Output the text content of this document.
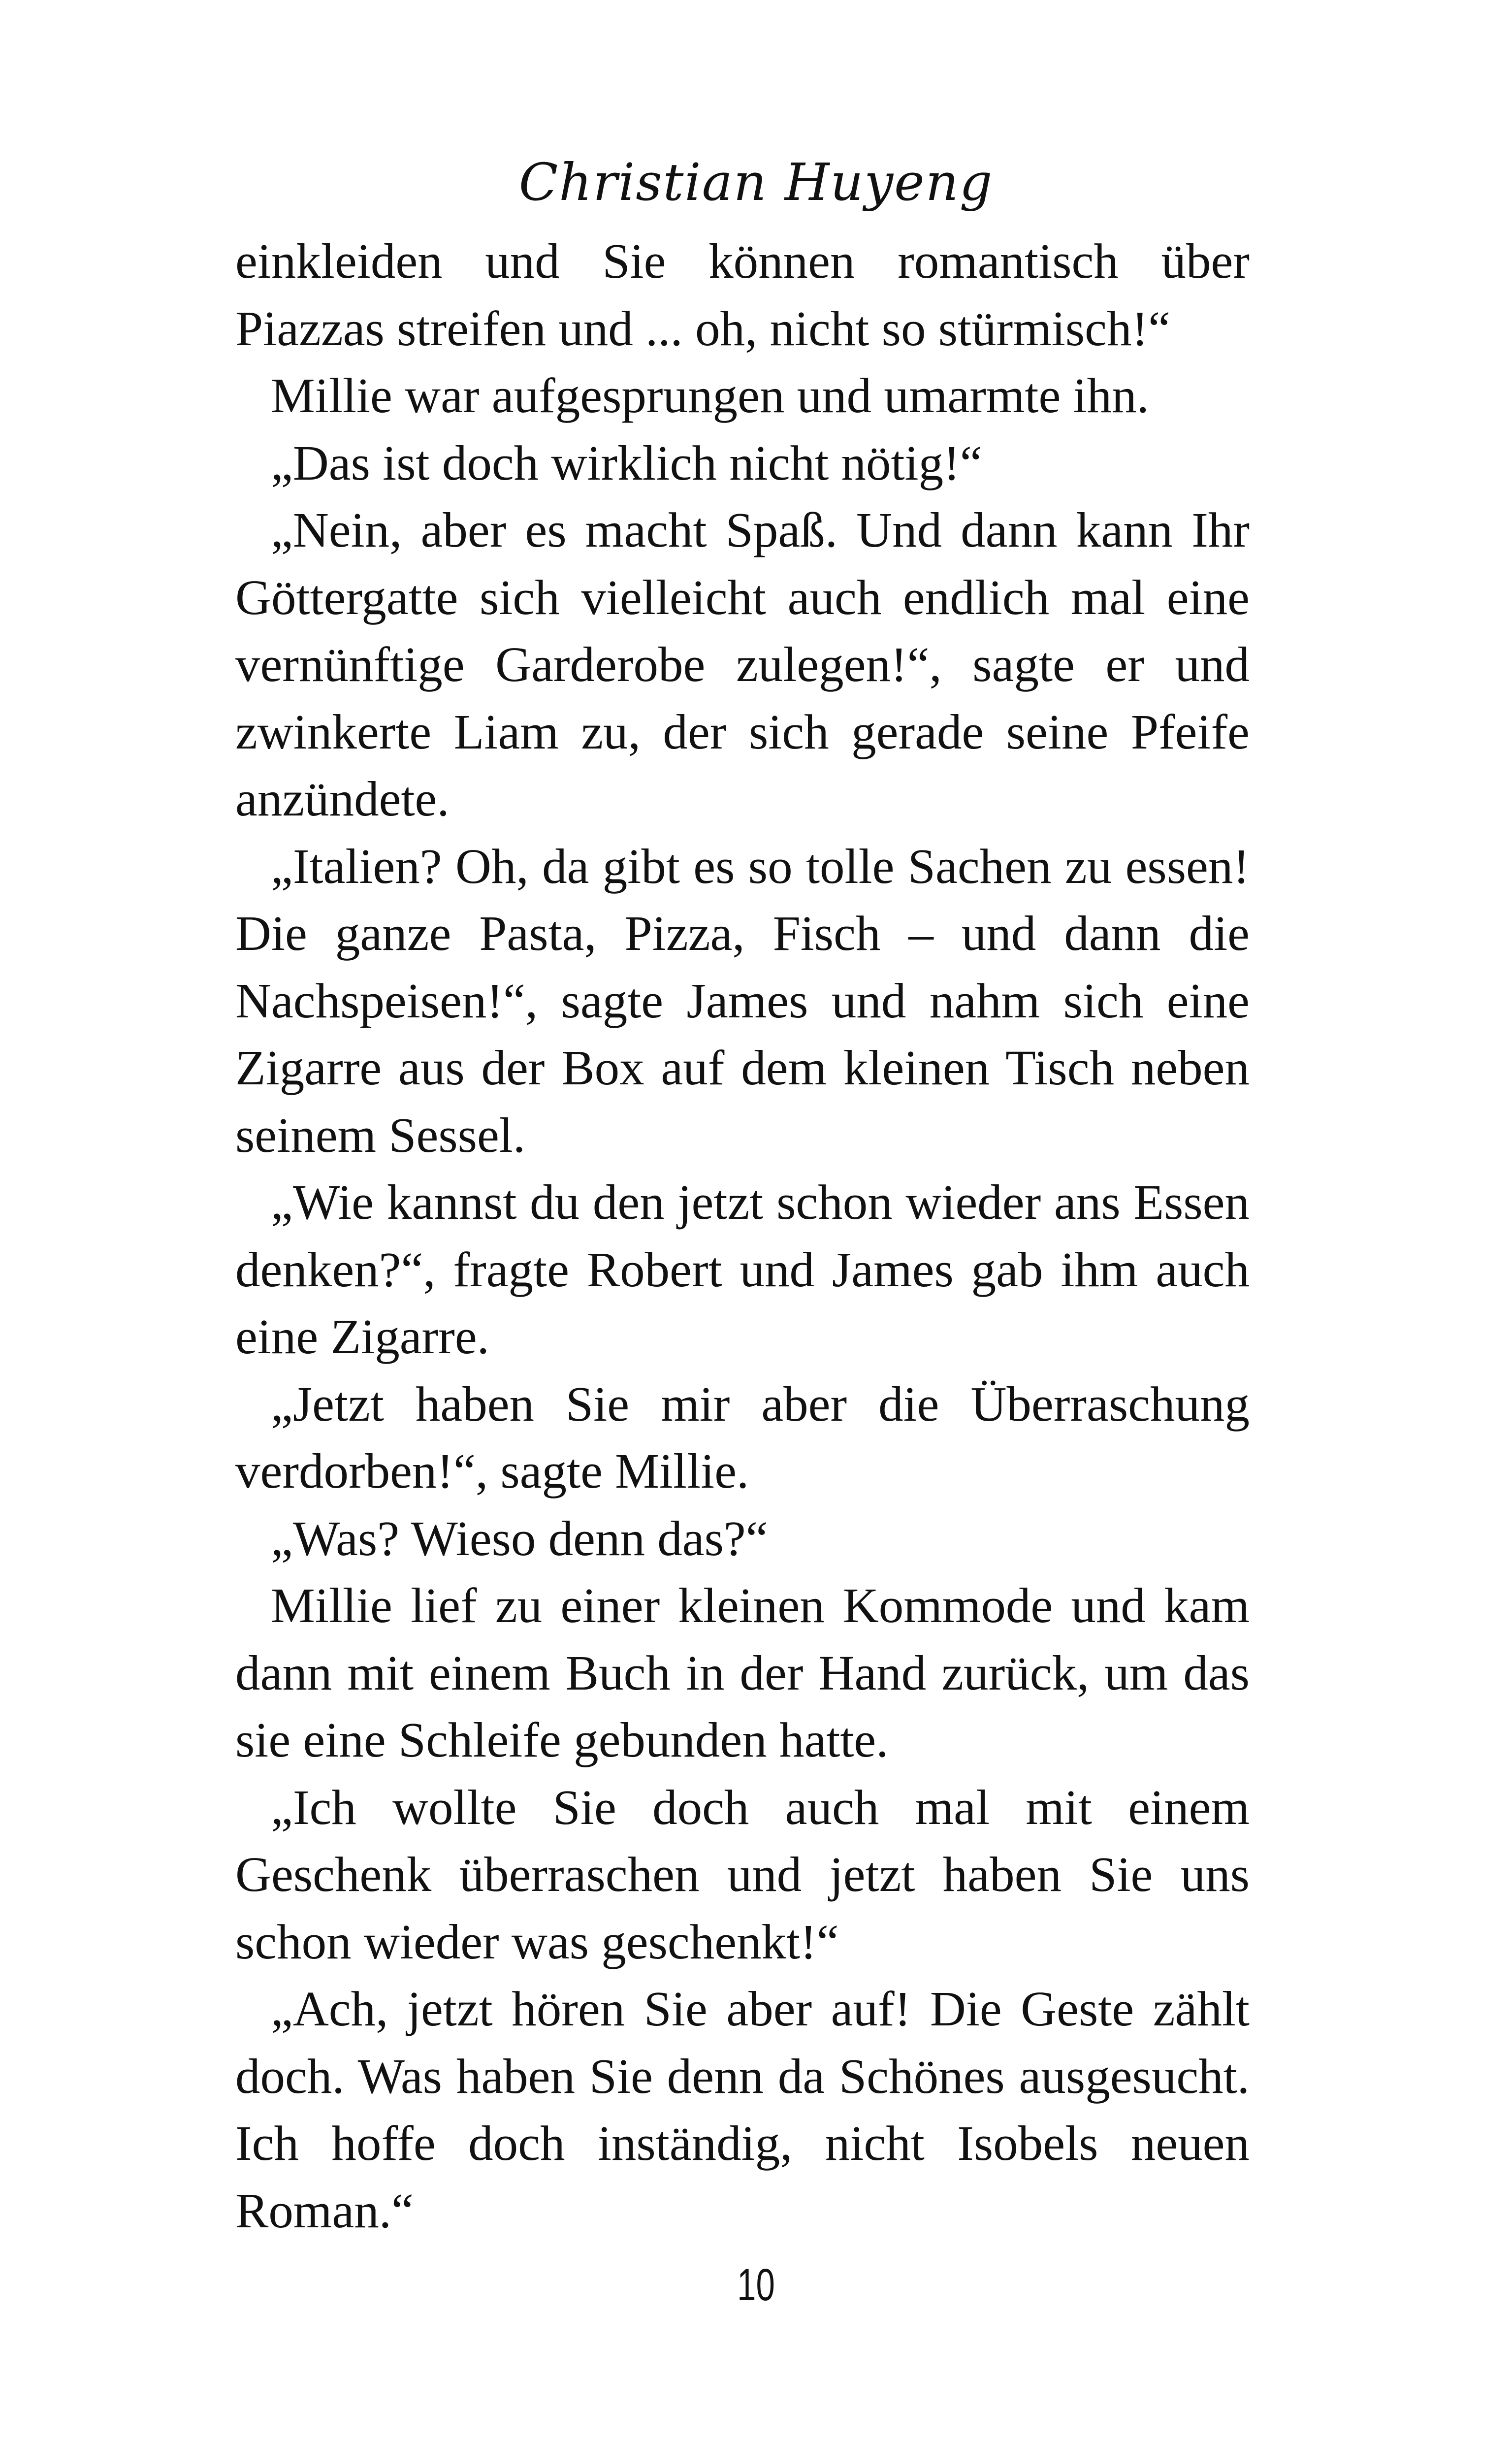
Christian Huyeng

einkleiden und Sie können romantisch über Piazzas streifen und ... oh, nicht so stürmisch!“

Millie war aufgesprungen und umarmte ihn.

„Das ist doch wirklich nicht nötig!“

„Nein, aber es macht Spaß. Und dann kann Ihr Göttergatte sich vielleicht auch endlich mal eine vernünftige Garderobe zulegen!“, sagte er und zwinkerte Liam zu, der sich gerade seine Pfeife anzündete.

„Italien? Oh, da gibt es so tolle Sachen zu essen! Die ganze Pasta, Pizza, Fisch – und dann die Nachspeisen!“, sagte James und nahm sich eine Zigarre aus der Box auf dem kleinen Tisch neben seinem Sessel.

„Wie kannst du den jetzt schon wieder ans Essen denken?“, fragte Robert und James gab ihm auch eine Zigarre.

„Jetzt haben Sie mir aber die Überraschung verdorben!“, sagte Millie.

„Was? Wieso denn das?“

Millie lief zu einer kleinen Kommode und kam dann mit einem Buch in der Hand zurück, um das sie eine Schleife gebunden hatte.

„Ich wollte Sie doch auch mal mit einem Geschenk überraschen und jetzt haben Sie uns schon wieder was geschenkt!“

„Ach, jetzt hören Sie aber auf! Die Geste zählt doch. Was haben Sie denn da Schönes ausgesucht. Ich hoffe doch inständig, nicht Isobels neuen Roman.“

10
